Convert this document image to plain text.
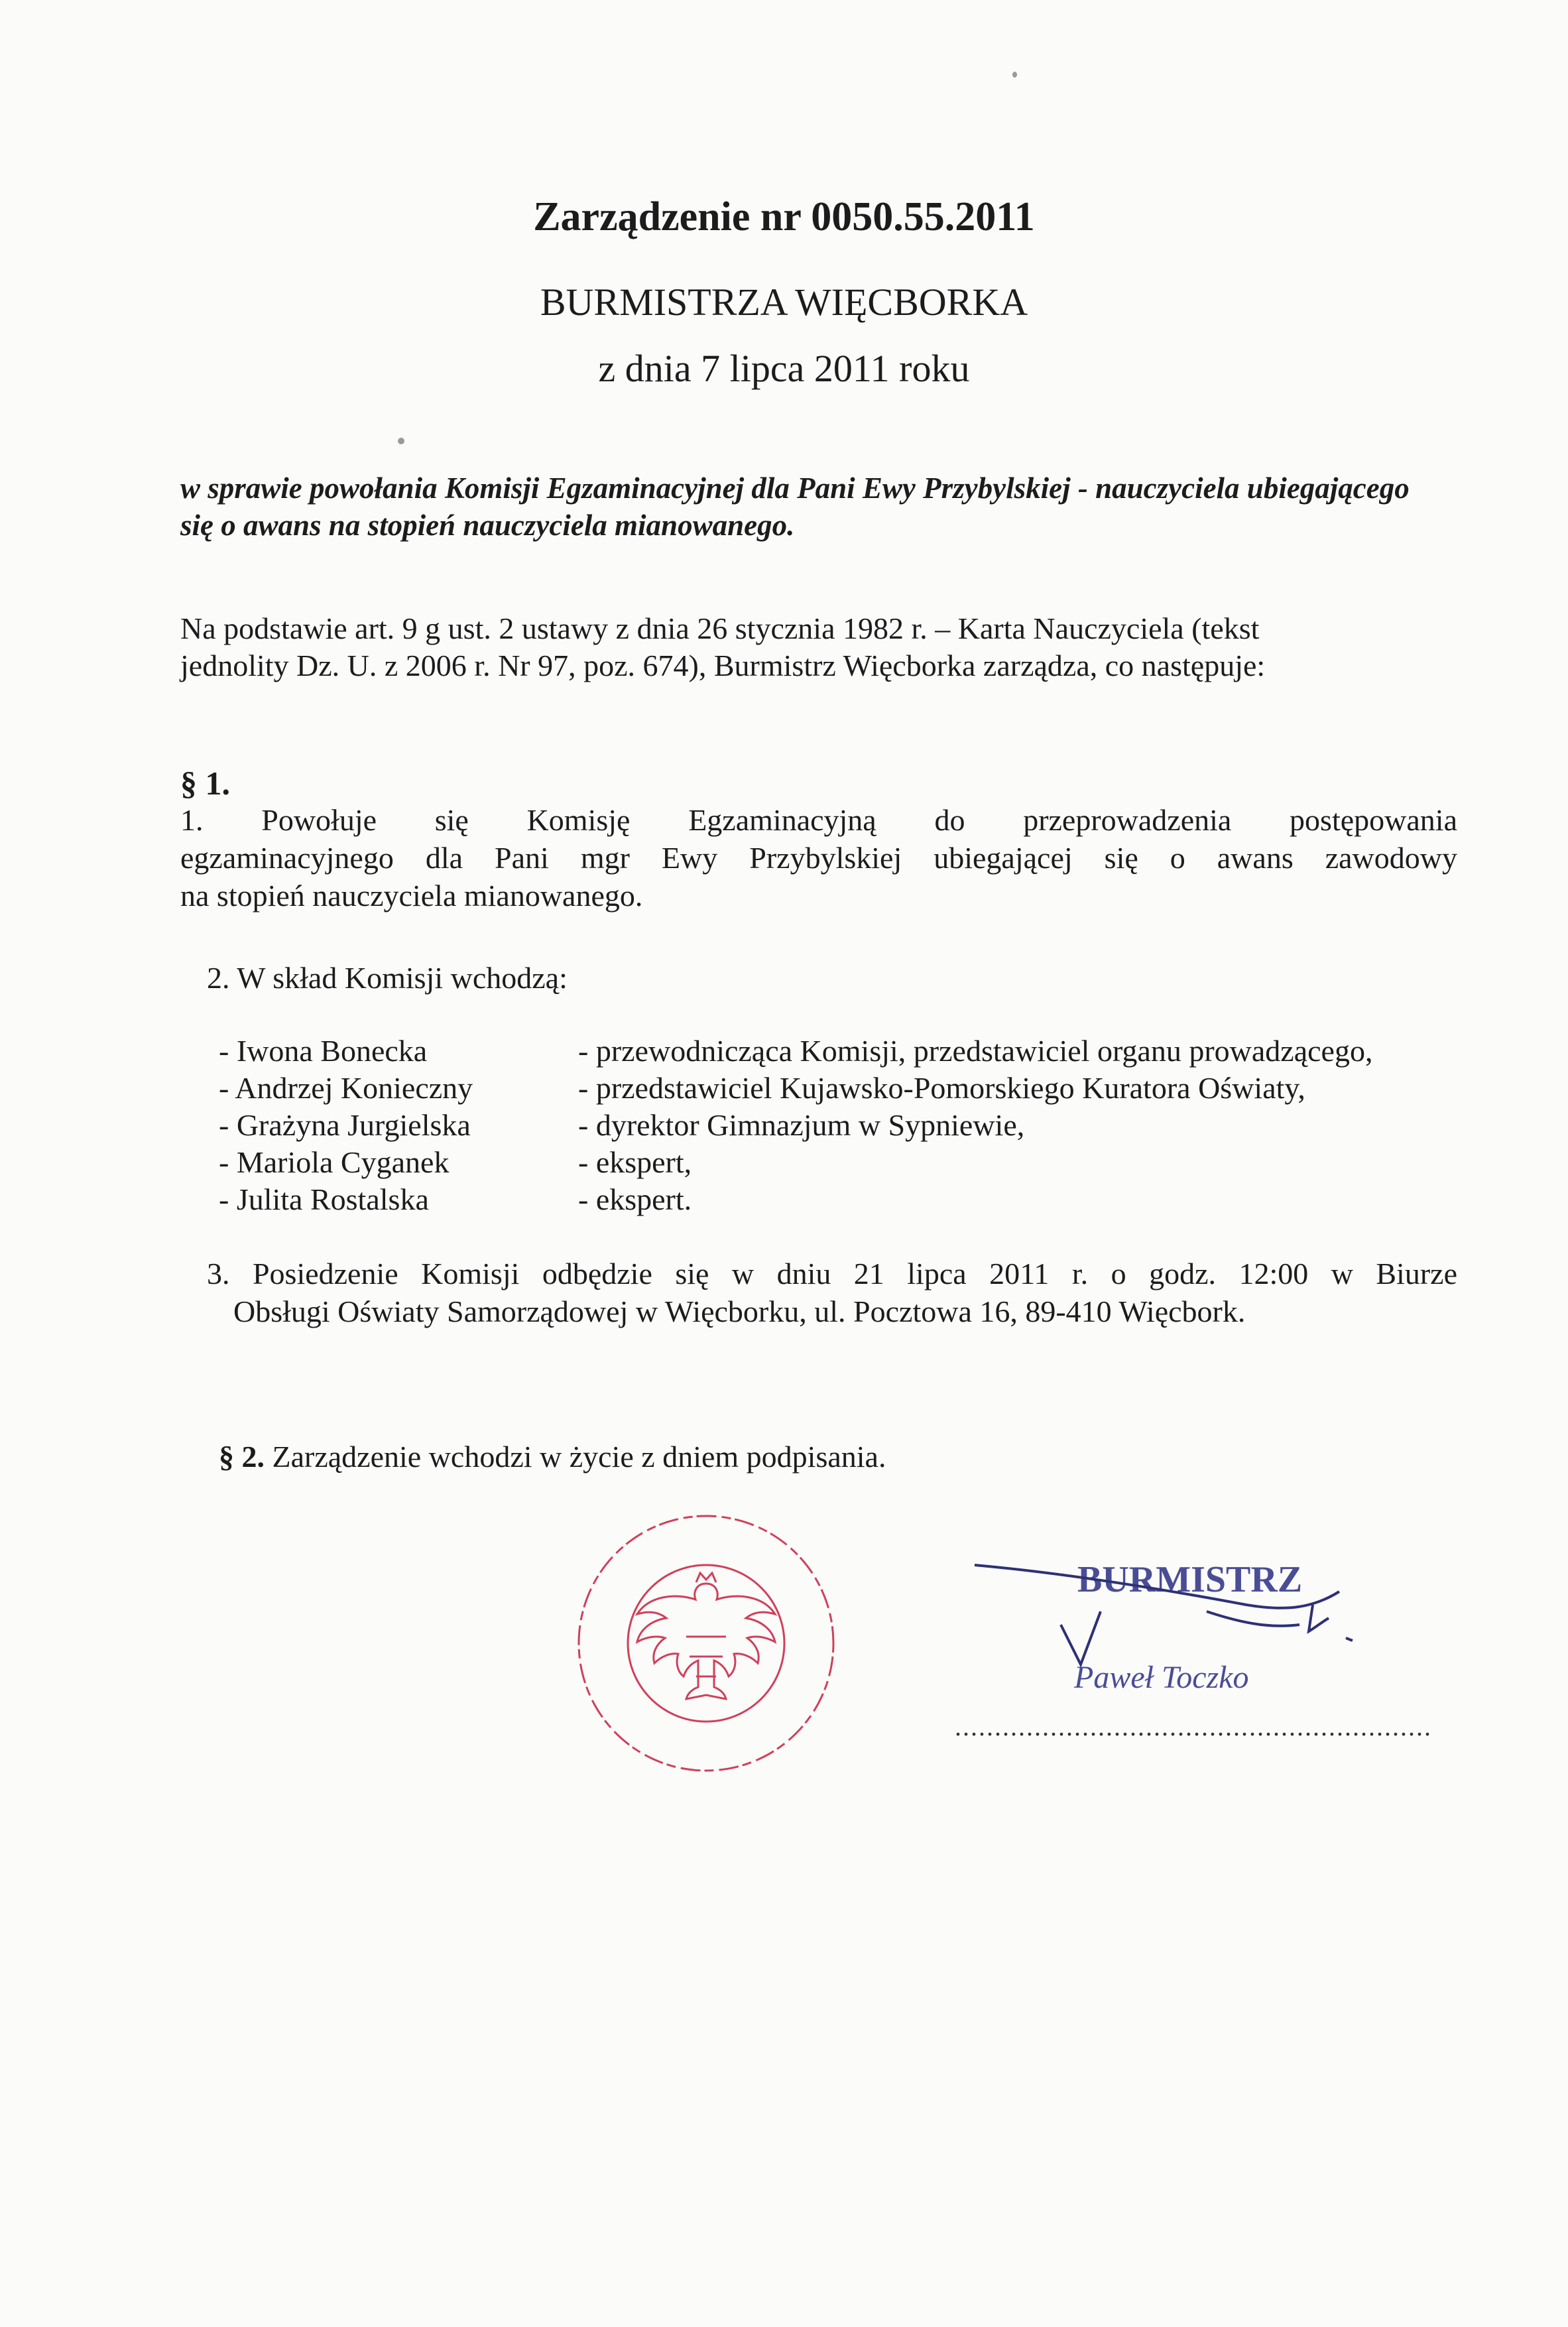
Zarządzenie nr 0050.55.2011
BURMISTRZA WIĘCBORKA
z dnia 7 lipca 2011 roku
w sprawie powołania Komisji Egzaminacyjnej dla Pani Ewy Przybylskiej - nauczyciela ubiegającego
się o awans na stopień nauczyciela mianowanego.
Na podstawie art. 9 g ust. 2 ustawy z dnia 26 stycznia 1982 r. – Karta Nauczyciela (tekst
jednolity Dz. U. z 2006 r. Nr 97, poz. 674), Burmistrz Więcborka zarządza, co następuje:
§ 1.
1. Powołuje się Komisję Egzaminacyjną do przeprowadzenia postępowania
egzaminacyjnego dla Pani mgr Ewy Przybylskiej ubiegającej się o awans zawodowy
na stopień nauczyciela mianowanego.
2. W skład Komisji wchodzą:
- Iwona Bonecka	- przewodnicząca Komisji, przedstawiciel organu prowadzącego,
- Andrzej Konieczny	- przedstawiciel Kujawsko-Pomorskiego Kuratora Oświaty,
- Grażyna Jurgielska	- dyrektor Gimnazjum w Sypniewie,
- Mariola Cyganek	- ekspert,
- Julita Rostalska	- ekspert.
3. Posiedzenie Komisji odbędzie się w dniu 21 lipca 2011 r. o godz. 12:00 w Biurze
Obsługi Oświaty Samorządowej w Więcborku, ul. Pocztowa 16, 89-410 Więcbork.
§ 2. Zarządzenie wchodzi w życie z dniem podpisania.
BURMISTRZ
Paweł Toczko
............................................................
